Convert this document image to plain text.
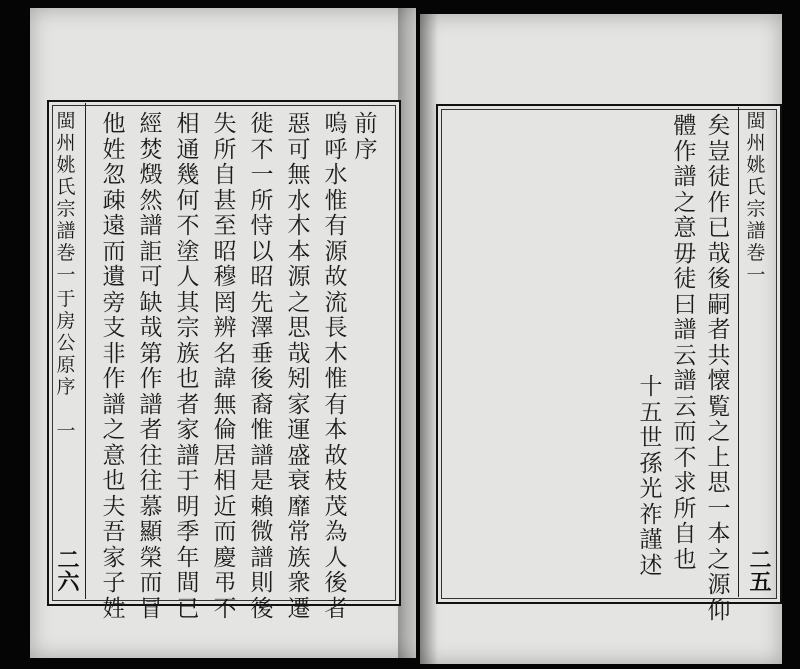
閩
州
姚
氏
宗
譜
巻
一
于
房
公
原
序
一
二六
前
序
嗚
呼
水
惟
有
源
故
流
長
木
惟
有
本
故
枝
茂
為
人
後
者
惡
可
無
水
木
本
源
之
思
哉
矧
家
運
盛
衰
靡
常
族
衆
遷
徙
不
一
所
恃
以
昭
先
澤
垂
後
裔
惟
譜
是
賴
微
譜
則
後
失
所
自
甚
至
昭
穆
罔
辨
名
諱
無
倫
居
相
近
而
慶
弔
不
相
通
幾
何
不
塗
人
其
宗
族
也
者
家
譜
于
明
季
年
間
已
經
焚
燬
然
譜
詎
可
缺
哉
第
作
譜
者
往
往
慕
顯
榮
而
冒
他
姓
忽
疎
遠
而
遺
旁
支
非
作
譜
之
意
也
夫
吾
家
子
姓
閩
州
姚
氏
宗
譜
巻
一
二五
矣
豈
徒
作
已
哉
後
嗣
者
共
懐
覧
之
上
思
一
本
之
源
仰
體
作
譜
之
意
毋
徒
曰
譜
云
譜
云
而
不
求
所
自
也
十
五
世
孫
光
祚
謹
述
